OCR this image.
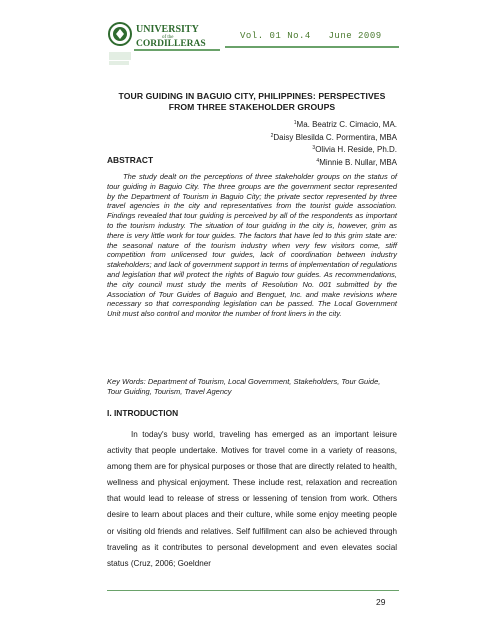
UNIVERSITY
of the
CORDILLERAS
Vol. 01 No.4   June 2009
TOUR GUIDING IN BAGUIO CITY, PHILIPPINES: PERSPECTIVES FROM THREE STAKEHOLDER GROUPS
$^1$Ma. Beatriz C. Cimacio, MA.
$^2$Daisy Blesilda C. Pormentira, MBA
$^3$Olivia H. Reside, Ph.D.
$^4$Minnie B. Nullar, MBA
ABSTRACT
The study dealt on the perceptions of three stakeholder groups on the status of tour guiding in Baguio City. The three groups are the government sector represented by the Department of Tourism in Baguio City; the private sector represented by three travel agencies in the city and representatives from the tourist guide association. Findings revealed that tour guiding is perceived by all of the respondents as important to the tourism industry. The situation of tour guiding in the city is, however, grim as there is very little work for tour guides. The factors that have led to this grim state are: the seasonal nature of the tourism industry when very few visitors come, stiff competition from unlicensed tour guides, lack of coordination between industry stakeholders; and lack of government support in terms of implementation of regulations and legislation that will protect the rights of Baguio tour guides. As recommendations, the city council must study the merits of Resolution No. 001 submitted by the Association of Tour Guides of Baguio and Benguet, Inc. and make revisions where necessary so that corresponding legislation can be passed. The Local Government Unit must also control and monitor the number of front liners in the city.
Key Words: Department of Tourism, Local Government, Stakeholders, Tour Guide, Tour Guiding, Tourism, Travel Agency
I. INTRODUCTION
In today's busy world, traveling has emerged as an important leisure activity that people undertake. Motives for travel come in a variety of reasons, among them are for physical purposes or those that are directly related to health, wellness and physical enjoyment. These include rest, relaxation and recreation that would lead to release of stress or lessening of tension from work. Others desire to learn about places and their culture, while some enjoy meeting people or visiting old friends and relatives. Self fulfillment can also be achieved through traveling as it contributes to personal development and even elevates social status (Cruz, 2006; Goeldner
29
